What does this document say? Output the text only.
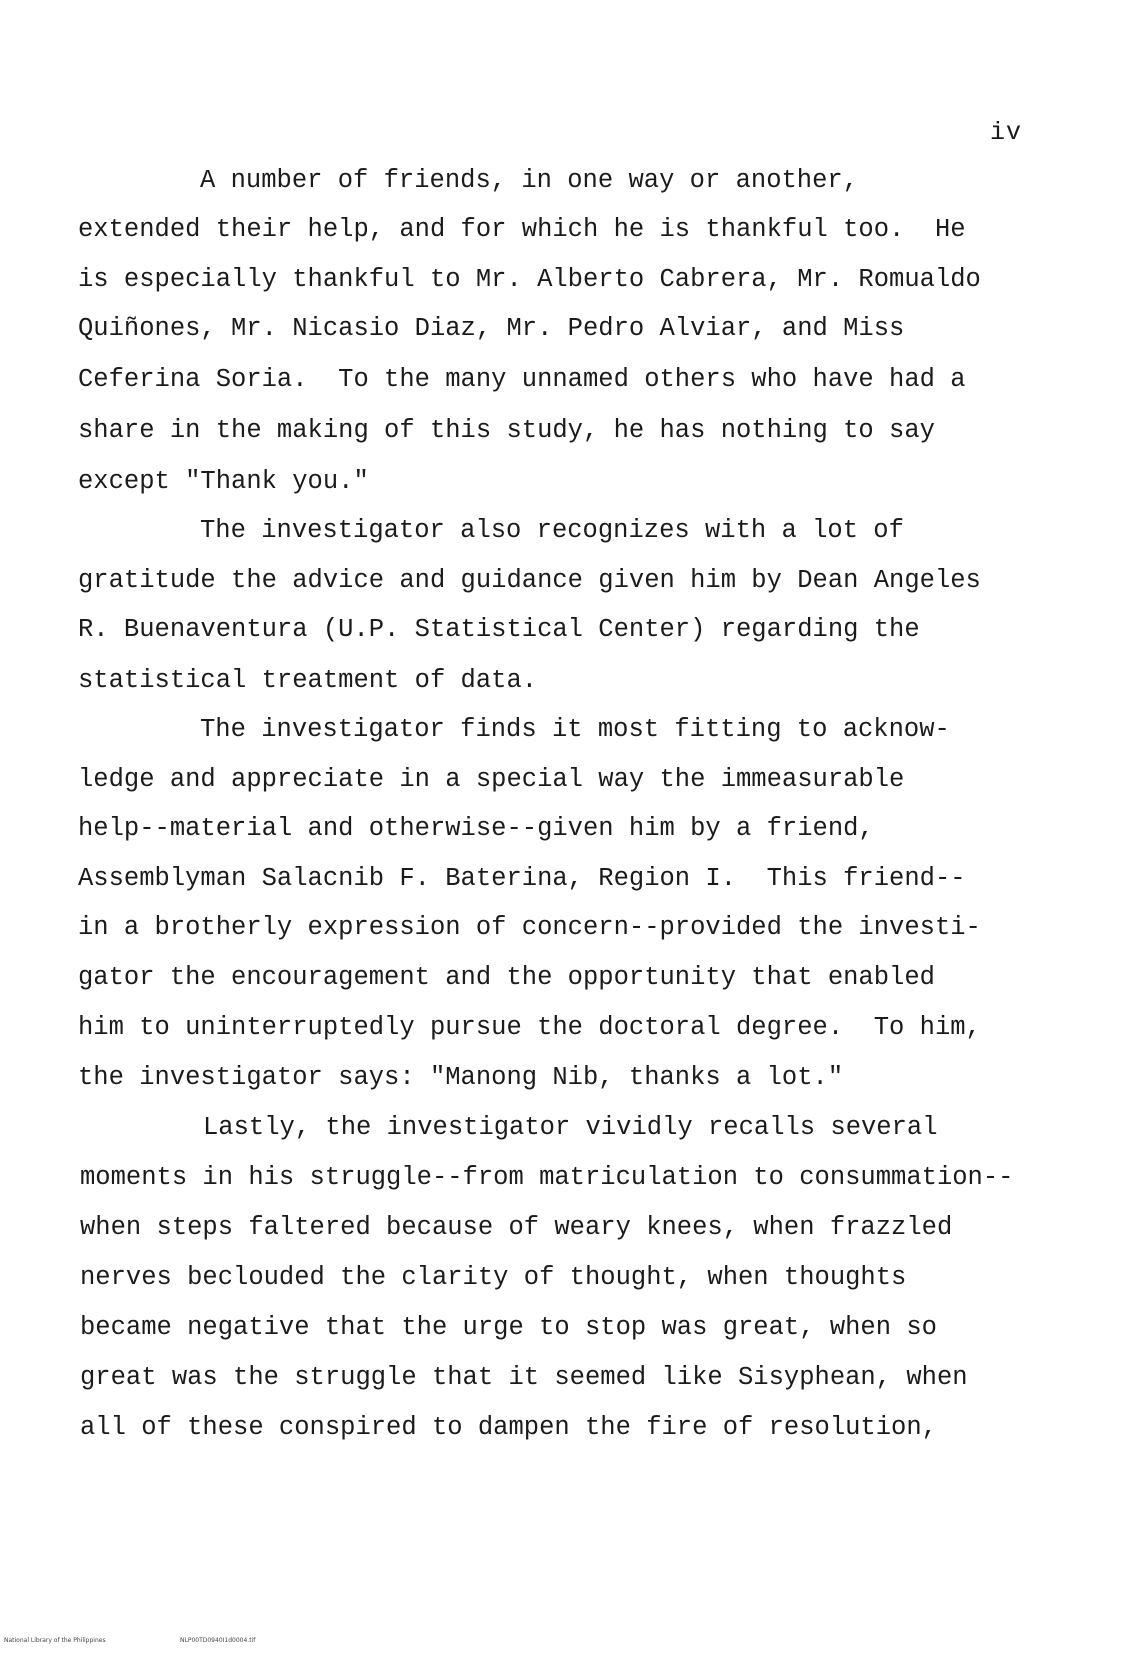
iv
A number of friends, in one way or another,
extended their help, and for which he is thankful too.  He
is especially thankful to Mr. Alberto Cabrera, Mr. Romualdo
Quiñones, Mr. Nicasio Diaz, Mr. Pedro Alviar, and Miss
Ceferina Soria.  To the many unnamed others who have had a
share in the making of this study, he has nothing to say
except "Thank you."
The investigator also recognizes with a lot of
gratitude the advice and guidance given him by Dean Angeles
R. Buenaventura (U.P. Statistical Center) regarding the
statistical treatment of data.
The investigator finds it most fitting to acknow-
ledge and appreciate in a special way the immeasurable
help--material and otherwise--given him by a friend,
Assemblyman Salacnib F. Baterina, Region I.  This friend--
in a brotherly expression of concern--provided the investi-
gator the encouragement and the opportunity that enabled
him to uninterruptedly pursue the doctoral degree.  To him,
the investigator says: "Manong Nib, thanks a lot."
Lastly, the investigator vividly recalls several
moments in his struggle--from matriculation to consummation--
when steps faltered because of weary knees, when frazzled
nerves beclouded the clarity of thought, when thoughts
became negative that the urge to stop was great, when so
great was the struggle that it seemed like Sisyphean, when
all of these conspired to dampen the fire of resolution,
National Library of the Philippines	NLP00TD0940I1d0004.tif
